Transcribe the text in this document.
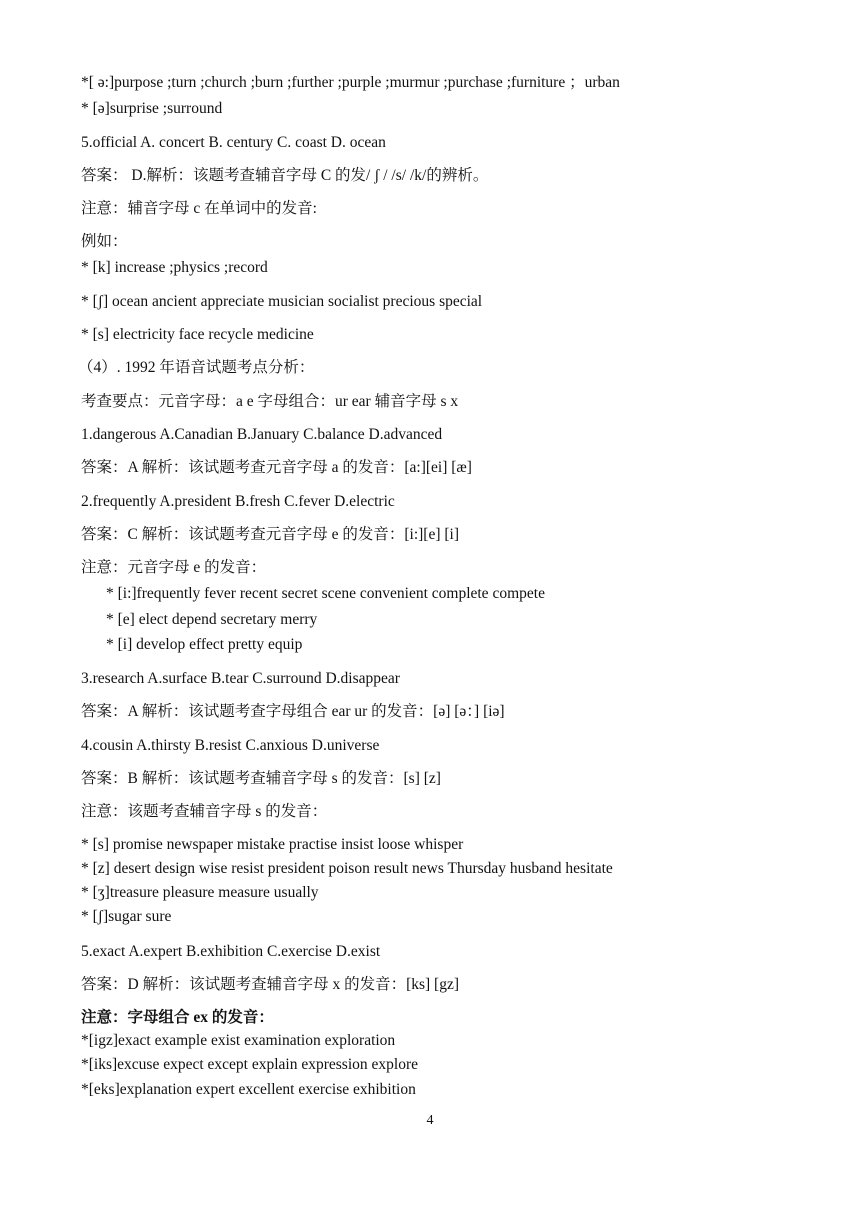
*[ ə:]purpose ;turn ;church ;burn ;further ;purple ;murmur ;purchase ;furniture ；urban
* [ə]surprise ;surround
5.official A. concert B. century C. coast D. ocean
答案： D.解析：该题考查辅音字母 C 的发/ ʃ / /s/ /k/的辨析。
注意：辅音字母 c 在单词中的发音:
例如：
* [k] increase ;physics ;record
* [ʃ] ocean ancient appreciate musician socialist precious special
* [s] electricity face recycle medicine
（4）. 1992 年语音试题考点分析：
考查要点：元音字母：a e 字母组合：ur ear 辅音字母 s x
1.dangerous A.Canadian B.January C.balance D.advanced
答案：A 解析：该试题考查元音字母 a 的发音：[a:][ei] [æ]
2.frequently A.president B.fresh C.fever D.electric
答案：C 解析：该试题考查元音字母 e 的发音：[i:][e] [i]
注意：元音字母 e 的发音：
* [i:]frequently fever recent secret scene convenient complete compete
* [e] elect depend secretary merry
* [i] develop effect pretty equip
3.research A.surface B.tear C.surround D.disappear
答案：A 解析：该试题考查字母组合 ear ur 的发音：[ə] [ə：] [iə]
4.cousin A.thirsty B.resist C.anxious D.universe
答案：B 解析：该试题考查辅音字母 s 的发音：[s] [z]
注意：该题考查辅音字母 s 的发音：
* [s] promise newspaper mistake practise insist loose whisper
* [z] desert design wise resist president poison result news Thursday husband hesitate
* [ʒ]treasure pleasure measure usually
* [ʃ]sugar sure
5.exact A.expert B.exhibition C.exercise D.exist
答案：D 解析：该试题考查辅音字母 x 的发音：[ks] [gz]
注意：字母组合 ex 的发音：
*[igz]exact example exist examination exploration
*[iks]excuse expect except explain expression explore
*[eks]explanation expert excellent exercise exhibition
4
